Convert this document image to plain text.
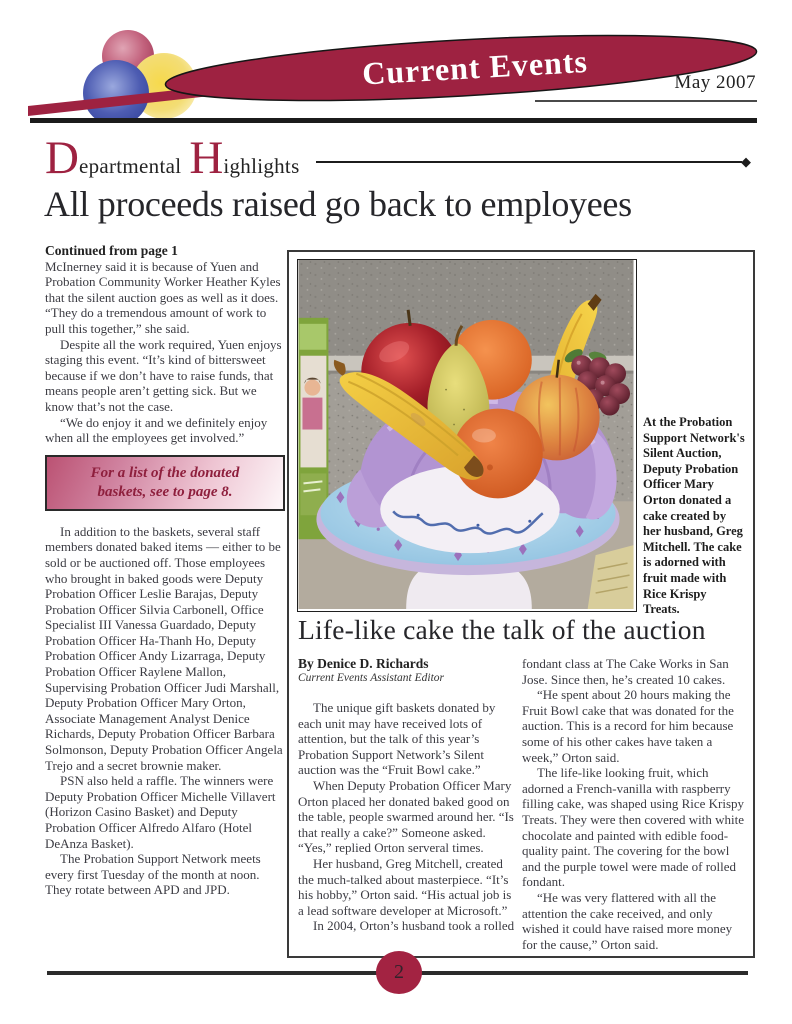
Current Events	May 2007
D epartmental H ighlights	◆
All proceeds raised go back to employees
Continued from page 1

McInerney said it is because of Yuen and Probation Community Worker Heather Kyles that the silent auction goes as well as it does. “They do a tremendous amount of work to pull this together,” she said.

Despite all the work required, Yuen enjoys staging this event. “It’s kind of bittersweet because if we don’t have to raise funds, that means people aren’t getting sick. But we know that’s not the case.

“We do enjoy it and we definitely enjoy when all the employees get involved.”

For a list of the donated baskets, see to page 8.

In addition to the baskets, several staff members donated baked items — either to be sold or be auctioned off. Those employees who brought in baked goods were Deputy Probation Officer Leslie Barajas, Deputy Probation Officer Silvia Carbonell, Office Specialist III Vanessa Guardado, Deputy Probation Officer Ha-Thanh Ho, Deputy Probation Officer Andy Lizarraga, Deputy Probation Officer Raylene Mallon, Supervising Probation Officer Judi Marshall, Deputy Probation Officer Mary Orton, Associate Management Analyst Denice Richards, Deputy Probation Officer Barbara Solmonson, Deputy Probation Officer Angela Trejo and a secret brownie maker.

PSN also held a raffle. The winners were Deputy Probation Officer Michelle Villavert (Horizon Casino Basket) and Deputy Probation Officer Alfredo Alfaro (Hotel DeAnza Basket).

The Probation Support Network meets every first Tuesday of the month at noon. They rotate between APD and JPD.

At the Probation Support Network's Silent Auction, Deputy Probation Officer Mary Orton donated a cake created by her husband, Greg Mitchell. The cake is adorned with fruit made with Rice Krispy Treats.
Life-like cake the talk of the auction
By Denice D. Richards
Current Events Assistant Editor

The unique gift baskets donated by each unit may have received lots of attention, but the talk of this year’s Probation Support Network’s Silent auction was the “Fruit Bowl cake.”

When Deputy Probation Officer Mary Orton placed her donated baked good on the table, people swarmed around her. “Is that really a cake?” Someone asked. “Yes,” replied Orton serveral times.

Her husband, Greg Mitchell, created the much-talked about masterpiece. “It’s his hobby,” Orton said. “His actual job is a lead software developer at Microsoft.”

In 2004, Orton’s husband took a rolled

fondant class at The Cake Works in San Jose. Since then, he’s created 10 cakes.

“He spent about 20 hours making the Fruit Bowl cake that was donated for the auction. This is a record for him because some of his other cakes have taken a week,” Orton said.

The life-like looking fruit, which adorned a French-vanilla with raspberry filling cake, was shaped using Rice Krispy Treats. They were then covered with white chocolate and painted with edible food-quality paint. The covering for the bowl and the purple towel were made of rolled fondant.

“He was very flattered with all the attention the cake received, and only wished it could have raised more money for the cause,” Orton said.

2
